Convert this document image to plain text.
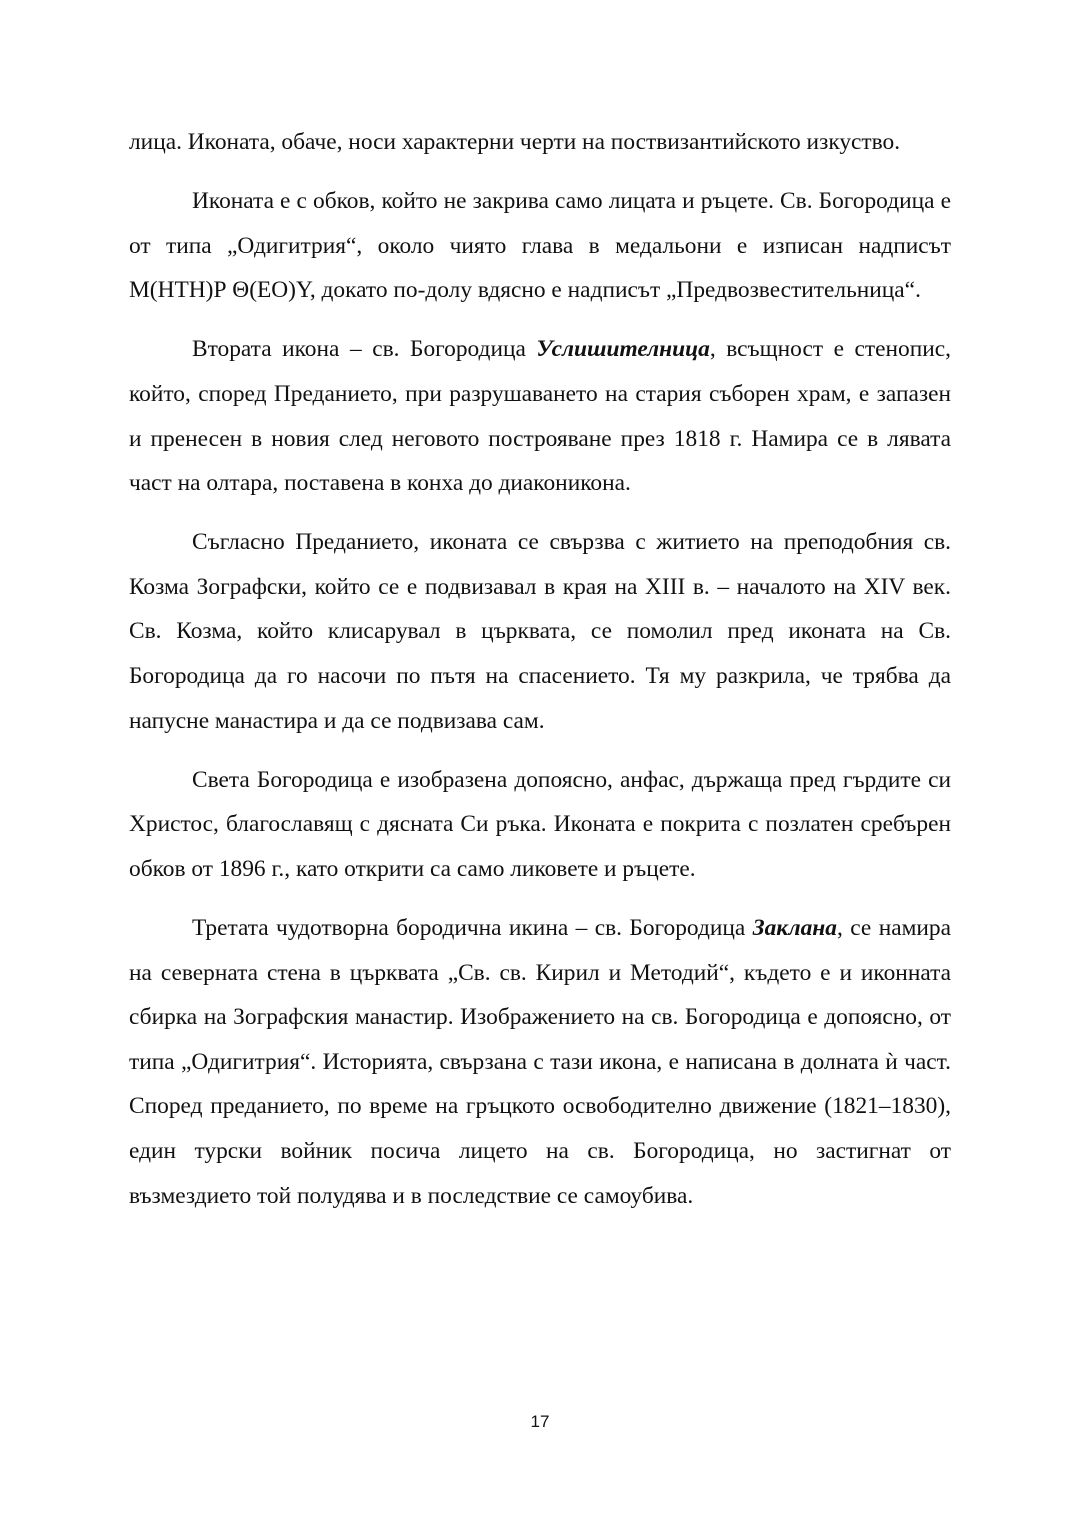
лица. Иконата, обаче, носи характерни черти на поствизантийското изкуство.

Иконата е с обков, който не закрива само лицата и ръцете. Св. Богородица е от типа „Одигитрия“, около чиято глава в медальони е изписан надписът М(НТН)Р Θ(ЕО)Y, докато по-долу вдясно е надписът „Предвозвестительница“.

Втората икона – св. Богородица Услишителница, всъщност е стенопис, който, според Преданието, при разрушаването на стария съборен храм, е запазен и пренесен в новия след неговото построяване през 1818 г. Намира се в лявата част на олтара, поставена в конха до диаконикона.

Съгласно Преданието, иконата се свързва с житието на преподобния св. Козма Зографски, който се е подвизавал в края на ХIII в. – началото на XIV век. Св. Козма, който клисарувал в църквата, се помолил пред иконата на Св. Богородица да го насочи по пътя на спасението. Тя му разкрила, че трябва да напусне манастира и да се подвизава сам.

Света Богородица е изобразена допоясно, анфас, държаща пред гърдите си Христос, благославящ с дясната Си ръка. Иконата е покрита с позлатен сребърен обков от 1896 г., като открити са само ликовете и ръцете.

Третата чудотворна бородична икина – св. Богородица Заклана, се намира на северната стена в църквата „Св. св. Кирил и Методий“, където е и иконната сбирка на Зографския манастир. Изображението на св. Богородица е допоясно, от типа „Одигитрия“. Историята, свързана с тази икона, е написана в долната ѝ част. Според преданието, по време на гръцкото освободително движение (1821–1830), един турски войник посича лицето на св. Богородица, но застигнат от възмездието той полудява и в последствие се самоубива.

17
